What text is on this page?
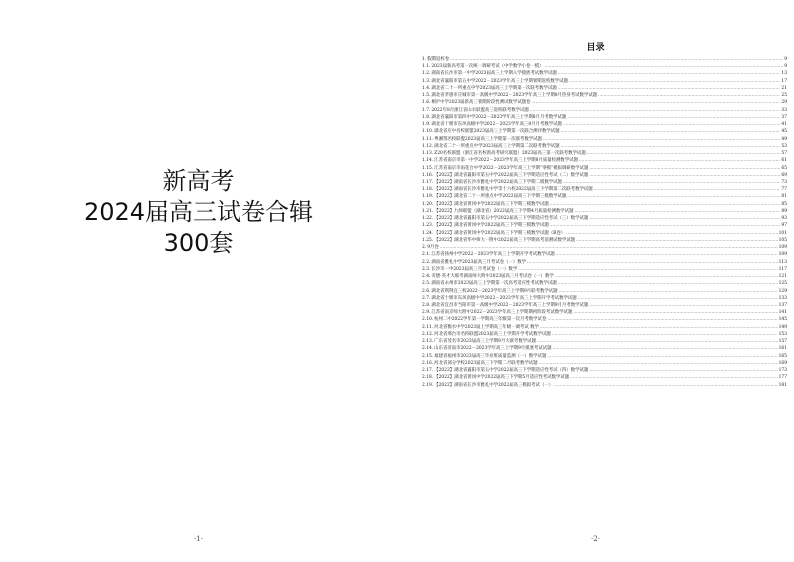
新高考
2024届高三试卷合辑
300套
·1·
目录
1. 假期返校卷 .....	9
1.1. 2023届新高考第一次统一调研考试（中学数学小卷一模） .....	9
1.2. 湖南省长沙市第一中学2023届高三上学期入学摸底考试数学试题 .....	13
1.3. 湖北省襄阳市第五中学2022－2023学年高三上学期暑期返校数学试题 .....	17
1.4. 湖北省二十一所重点中学2023届高三上学期第一次联考数学试题 .....	21
1.5. 湖北省孝感市应城市第一高级中学2022－2023学年高三上学期8月热身考试数学试题 .....	25
1.6. 桐庐中学2023届新高三暑期阶段性测试数学试题卷 .....	29
1.7. 2022年8月浙江省山水联盟高三返校联考数学试题 .....	33
1.8. 湖北省襄阳市第四中学2022－2023学年高三上学期8月月考数学试题 .....	37
1.9. 湖北省十堰市东风高级中学2022－2023学年高三8月月考数学试题 .....	41
1.10. 湖北省应中名校联盟2023届高三上学期第一次联合测评数学试题 .....	45
1.11. 粤湘鄂名校联盟2023届高三上学期第一次联考数学试题 .....	49
1.12. 湖北省二十一所重点中学2023届高三上学期第二次联考数学试题 .....	53
1.13. Z20名校联盟（浙江省名校新高考研究联盟）2023届高三第一次联考数学试题 .....	57
1.14. 江苏省南京市第一中学2022－2023学年高三上学期8月质量检测数学试题 .....	61
1.15. 江苏省南京市雨花台中学2022－2023学年高三上学期“零模”模拟调研数学试题 .....	65
1.16. 【2022】湖北省襄阳市第五中学2022届高三下学期适应性考试（二）数学试题 .....	69
1.17. 【2022】湖南省长沙市雅礼中学2022届高三下学期二模数学试题 .....	73
1.18. 【2022】湖南省长沙市雅礼中学等十六校2022届高三下学期第二次联考数学试题 .....	77
1.19. 【2022】湖北省二十一所重点中学2022届高三下学期三模数学试题 .....	81
1.20. 【2022】湖北省黄冈中学2022届高三下学期三模数学试题 .....	85
1.21. 【2022】九师联盟（湖北省）2022届高三下学期4月质量检测数学试题 .....	89
1.22. 【2022】湖北省襄阳市第五中学2022届高三下学期适应性考试（三）数学试题 .....	93
1.23. 【2022】湖北省黄冈中学2022届高三下学期三模数学试题 .....	97
1.24. 【2022】湖北省黄冈中学2022届高三下学期三模数学试题（B卷） .....	101
1.25. 【2022】湖北省华中师大一附中2022届高三下学期高考前测试数学试题 .....	105
2. 9月卷 .....	109
2.1. 江苏省扬州中学2022－2023学年高三上学期开学考试数学试题 .....	109
2.2. 湖南省雅礼中学2023届高三月考试卷（一）数学 .....	113
2.3. 长沙市一中2023届高三月考试卷（一）数学 .....	117
2.4. 炎德·英才大联考湖南师大附中2023届高三月考试卷（一）数学 .....	121
2.5. 湖南省永州市2023届高三上学期第一次高考适应性考试数学试题 .....	125
2.6. 湖北省荆荆宜三校2022－2023学年高三上学期9月联考数学试题 .....	129
2.7. 湖北省十堰市东风高级中学2022－2023学年高三上学期开学考试数学试题 .....	133
2.8. 湖北省宜昌市当阳市第一高级中学2022－2023学年高三上学期9月月考数学试题 .....	137
2.9. 江苏省南京师大附中2022－2023学年高三上学期期初阶段考试数学试题 .....	141
2.10. 杭州二中2022学年第一学期高三年级第一次月考数学试卷 .....	145
2.11. 河北省衡水中学2023届上学期高三年级一调考试 数学 .....	149
2.12. 河北省邢台市名校联盟2023届高三上学期开学考试数学试题 .....	153
2.13. 广东省茂名市2023届高三上学期9月大联考数学试题 .....	157
2.14. 山东省济南市2022－2023学年高三上学期9月摸底考试试题 .....	161
2.15. 福建省福州市2023届高三毕业班质量监测（一）数学试题 .....	165
2.16. 河北省部分学校2023届高三下学期二月联考数学试题 .....	169
2.17. 【2022】湖北省襄阳市第五中学2022届高三下学期适应性考试（四）数学试题 .....	173
2.18. 【2022】湖北省黄冈中学2022届高三下学期5月适应性考试数学试题 .....	177
2.19. 【2022】湖南省长沙市雅礼中学2022届高三模拟考试（一） .....	181
·2·
